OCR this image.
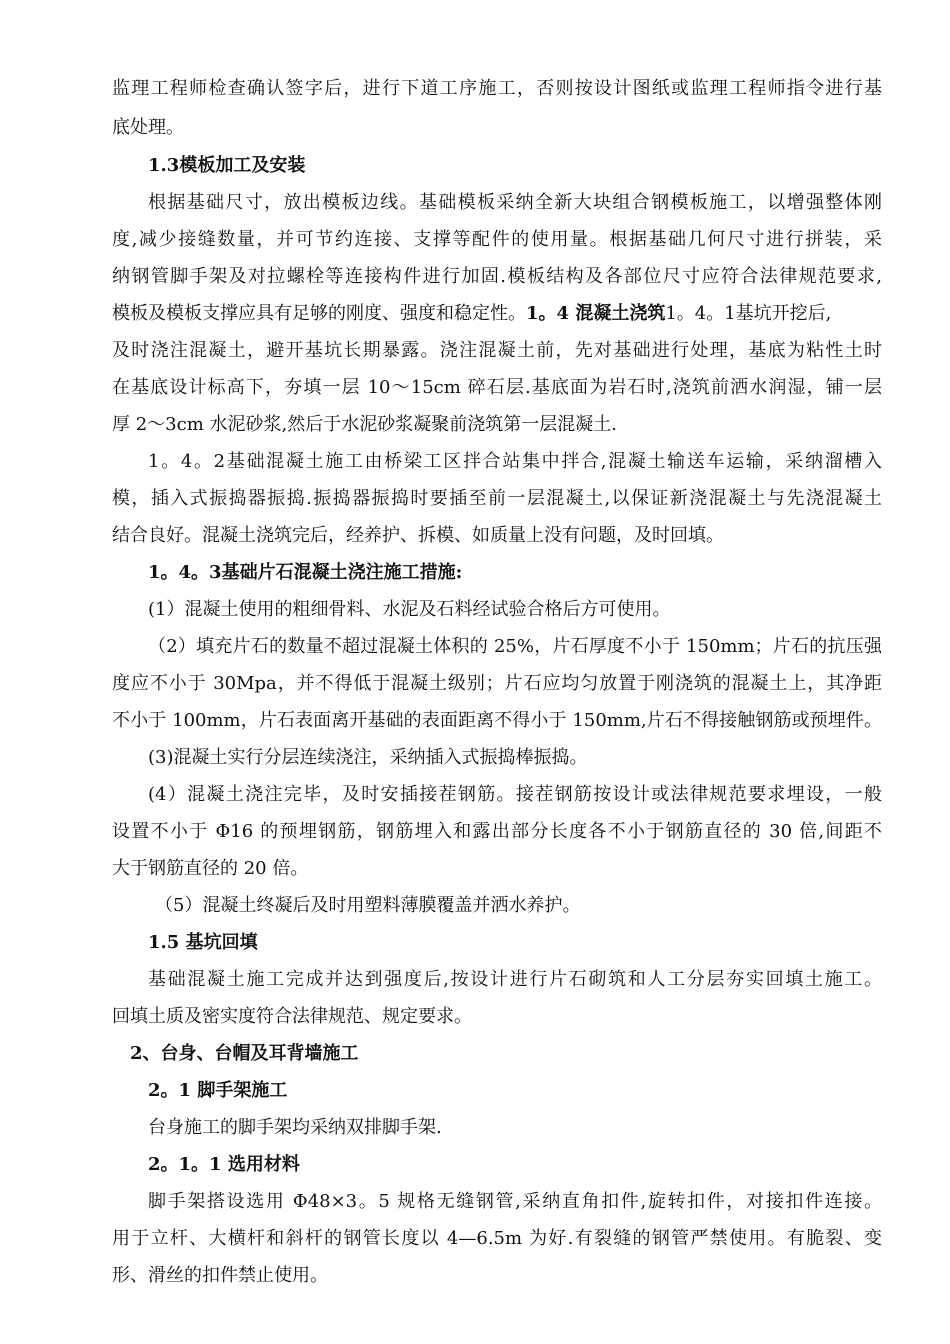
监理工程师检查确认签字后，进行下道工序施工，否则按设计图纸或监理工程师指令进行基
底处理。
1.3模板加工及安装
根据基础尺寸，放出模板边线。基础模板采纳全新大块组合钢模板施工，以增强整体刚
度,减少接缝数量，并可节约连接、支撑等配件的使用量。根据基础几何尺寸进行拼装，采
纳钢管脚手架及对拉螺栓等连接构件进行加固.模板结构及各部位尺寸应符合法律规范要求,
模板及模板支撑应具有足够的刚度、强度和稳定性。1。4 混凝土浇筑1。4。1基坑开挖后,
及时浇注混凝土，避开基坑长期暴露。浇注混凝土前，先对基础进行处理，基底为粘性土时
在基底设计标高下，夯填一层 10～15cm 碎石层.基底面为岩石时,浇筑前洒水润湿，铺一层
厚 2～3cm 水泥砂浆,然后于水泥砂浆凝聚前浇筑第一层混凝土.
1。4。2基础混凝土施工由桥梁工区拌合站集中拌合,混凝土输送车运输，采纳溜槽入
模，插入式振捣器振捣.振捣器振捣时要插至前一层混凝土,以保证新浇混凝土与先浇混凝土
结合良好。混凝土浇筑完后，经养护、拆模、如质量上没有问题，及时回填。
1。4。3基础片石混凝土浇注施工措施:
(1）混凝土使用的粗细骨料、水泥及石料经试验合格后方可使用。
（2）填充片石的数量不超过混凝土体积的 25%，片石厚度不小于 150mm；片石的抗压强
度应不小于 30Mpa，并不得低于混凝土级别；片石应均匀放置于刚浇筑的混凝土上，其净距
不小于 100mm，片石表面离开基础的表面距离不得小于 150mm,片石不得接触钢筋或预埋件。
(3)混凝土实行分层连续浇注，采纳插入式振捣棒振捣。
(4）混凝土浇注完毕，及时安插接茬钢筋。接茬钢筋按设计或法律规范要求埋设，一般
设置不小于 Φ16 的预埋钢筋，钢筋埋入和露出部分长度各不小于钢筋直径的 30 倍,间距不
大于钢筋直径的 20 倍。
（5）混凝土终凝后及时用塑料薄膜覆盖并洒水养护。
1.5 基坑回填
基础混凝土施工完成并达到强度后,按设计进行片石砌筑和人工分层夯实回填土施工。
回填土质及密实度符合法律规范、规定要求。
2、台身、台帽及耳背墙施工
2。1 脚手架施工
台身施工的脚手架均采纳双排脚手架.
2。1。1 选用材料
脚手架搭设选用 Φ48×3。5 规格无缝钢管,采纳直角扣件,旋转扣件，对接扣件连接。
用于立杆、大横杆和斜杆的钢管长度以 4—6.5m 为好.有裂缝的钢管严禁使用。有脆裂、变
形、滑丝的扣件禁止使用。
